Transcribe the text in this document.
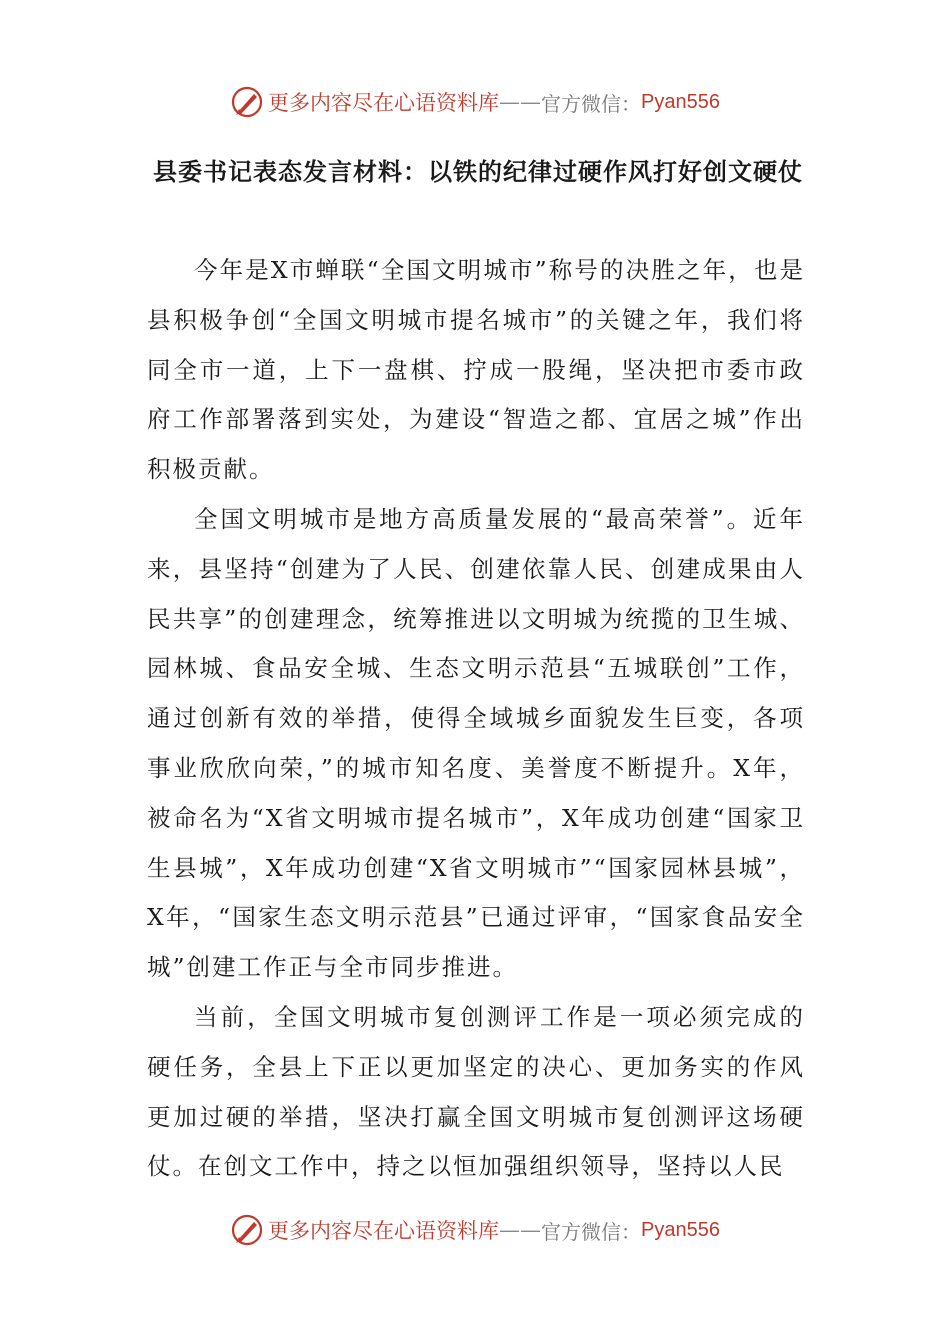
更多内容尽在心语资料库 —— 官方微信： Pyan556
县委书记表态发言材料：以铁的纪律过硬作风打好创文硬仗

今年是X市蝉联“全国文明城市”称号的决胜之年，也是县积极争创“全国文明城市提名城市”的关键之年，我们将同全市一道，上下一盘棋、拧成一股绳，坚决把市委市政府工作部署落到实处，为建设“智造之都、宜居之城”作出积极贡献。

全国文明城市是地方高质量发展的“最高荣誉”。近年来，县坚持“创建为了人民、创建依靠人民、创建成果由人民共享”的创建理念，统筹推进以文明城为统揽的卫生城、园林城、食品安全城、生态文明示范县“五城联创”工作，通过创新有效的举措，使得全域城乡面貌发生巨变，各项事业欣欣向荣，”的城市知名度、美誉度不断提升。X年，被命名为“X省文明城市提名城市”，X年成功创建“国家卫生县城”，X年成功创建“X省文明城市”“国家园林县城”，X年，“国家生态文明示范县”已通过评审，“国家食品安全城”创建工作正与全市同步推进。

当前，全国文明城市复创测评工作是一项必须完成的硬任务，全县上下正以更加坚定的决心、更加务实的作风更加过硬的举措，坚决打赢全国文明城市复创测评这场硬仗。在创文工作中，持之以恒加强组织领导，坚持以人民

更多内容尽在心语资料库 —— 官方微信： Pyan556
